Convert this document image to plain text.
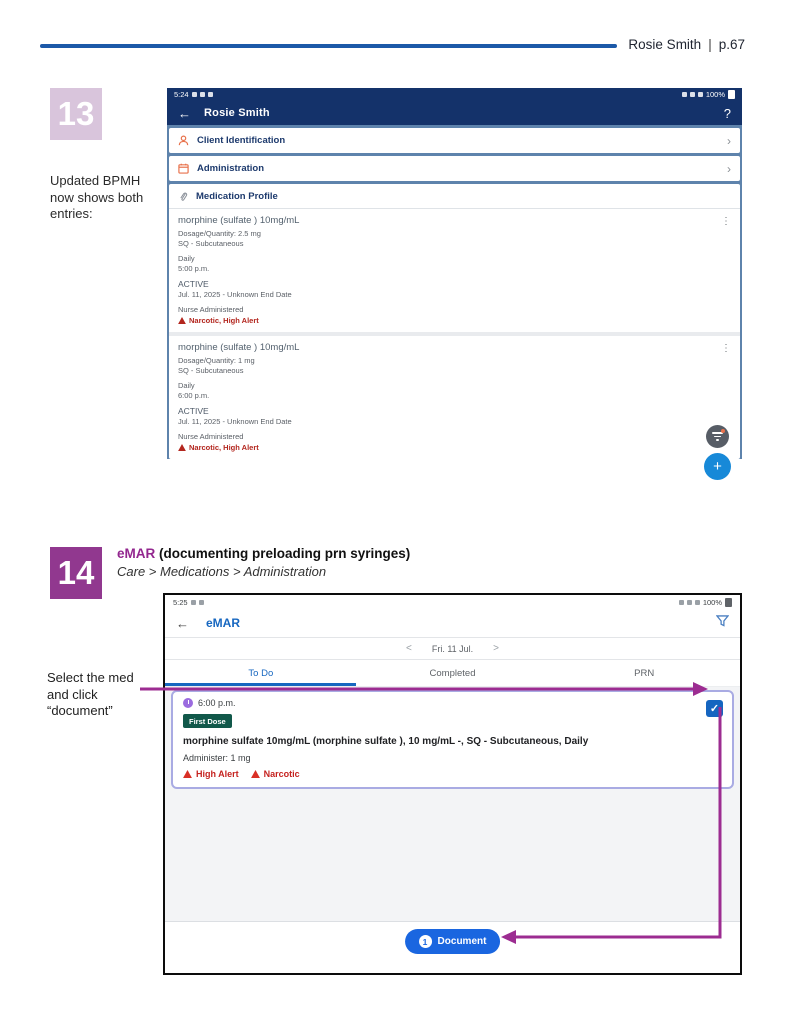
Rosie Smith | p.67
13
Updated BPMH now shows both entries:
5:24	100%
← Rosie Smith	?
Client Identification	›
Administration	›
Medication Profile
⋮
morphine (sulfate ) 10mg/mL
Dosage/Quantity: 2.5 mg
SQ - Subcutaneous
Daily
5:00 p.m.
ACTIVE
Jul. 11, 2025 - Unknown End Date
Nurse Administered
Narcotic, High Alert
⋮
morphine (sulfate ) 10mg/mL
Dosage/Quantity: 1 mg
SQ - Subcutaneous
Daily
6:00 p.m.
ACTIVE
Jul. 11, 2025 - Unknown End Date
Nurse Administered
Narcotic, High Alert
+
14
eMAR (documenting preloading prn syringes)
Care > Medications > Administration
Select the med and click “document”
5:25	100%
← eMAR
< Fri. 11 Jul. >
To Do	Completed	PRN
6:00 p.m.	✓
First Dose
morphine sulfate 10mg/mL (morphine sulfate ), 10 mg/mL -, SQ - Subcutaneous, Daily
Administer: 1 mg
High Alert	Narcotic
1	Document
